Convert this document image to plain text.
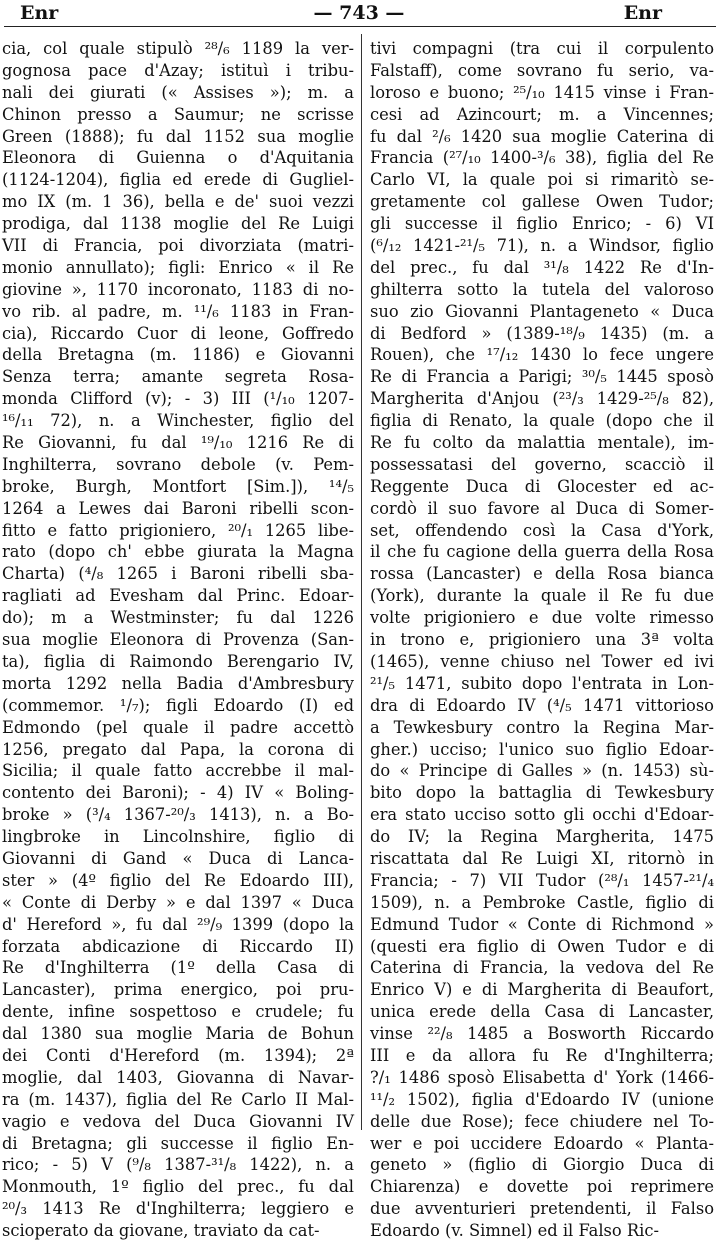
Enr	— 743 —	Enr
cia, col quale stipulò ²⁸/₆ 1189 la ver-
gognosa pace d'Azay; istituì i tribu-
nali dei giurati (« Assises »); m. a
Chinon presso a Saumur; ne scrisse
Green (1888); fu dal 1152 sua moglie
Eleonora di Guienna o d'Aquitania
(1124-1204), figlia ed erede di Gugliel-
mo IX (m. 1 36), bella e de' suoi vezzi
prodiga, dal 1138 moglie del Re Luigi
VII di Francia, poi divorziata (matri-
monio annullato); figli: Enrico « il Re
giovine », 1170 incoronato, 1183 di no-
vo rib. al padre, m. ¹¹/₆ 1183 in Fran-
cia), Riccardo Cuor di leone, Goffredo
della Bretagna (m. 1186) e Giovanni
Senza terra; amante segreta Rosa-
monda Clifford (v); - 3) III (¹/₁₀ 1207-
¹⁶/₁₁ 72), n. a Winchester, figlio del
Re Giovanni, fu dal ¹⁹/₁₀ 1216 Re di
Inghilterra, sovrano debole (v. Pem-
broke, Burgh, Montfort [Sim.]), ¹⁴/₅
1264 a Lewes dai Baroni ribelli scon-
fitto e fatto prigioniero, ²⁰/₁ 1265 libe-
rato (dopo ch' ebbe giurata la Magna
Charta) (⁴/₈ 1265 i Baroni ribelli sba-
ragliati ad Evesham dal Princ. Edoar-
do); m a Westminster; fu dal 1226
sua moglie Eleonora di Provenza (San-
ta), figlia di Raimondo Berengario IV,
morta 1292 nella Badia d'Ambresbury
(commemor. ¹/₇); figli Edoardo (I) ed
Edmondo (pel quale il padre accettò
1256, pregato dal Papa, la corona di
Sicilia; il quale fatto accrebbe il mal-
contento dei Baroni); - 4) IV « Boling-
broke » (³/₄ 1367-²⁰/₃ 1413), n. a Bo-
lingbroke in Lincolnshire, figlio di
Giovanni di Gand « Duca di Lanca-
ster » (4º figlio del Re Edoardo III),
« Conte di Derby » e dal 1397 « Duca
d' Hereford », fu dal ²⁹/₉ 1399 (dopo la
forzata abdicazione di Riccardo II)
Re d'Inghilterra (1º della Casa di
Lancaster), prima energico, poi pru-
dente, infine sospettoso e crudele; fu
dal 1380 sua moglie Maria de Bohun
dei Conti d'Hereford (m. 1394); 2ª
moglie, dal 1403, Giovanna di Navar-
ra (m. 1437), figlia del Re Carlo II Mal-
vagio e vedova del Duca Giovanni IV
di Bretagna; gli successe il figlio En-
rico; - 5) V (⁹/₈ 1387-³¹/₈ 1422), n. a
Monmouth, 1º figlio del prec., fu dal
²⁰/₃ 1413 Re d'Inghilterra; leggiero e
scioperato da giovane, traviato da cat-
tivi compagni (tra cui il corpulento
Falstaff), come sovrano fu serio, va-
loroso e buono; ²⁵/₁₀ 1415 vinse i Fran-
cesi ad Azincourt; m. a Vincennes;
fu dal ²/₆ 1420 sua moglie Caterina di
Francia (²⁷/₁₀ 1400-³/₆ 38), figlia del Re
Carlo VI, la quale poi si rimaritò se-
gretamente col gallese Owen Tudor;
gli successe il figlio Enrico; - 6) VI
(⁶/₁₂ 1421-²¹/₅ 71), n. a Windsor, figlio
del prec., fu dal ³¹/₈ 1422 Re d'In-
ghilterra sotto la tutela del valoroso
suo zio Giovanni Plantageneto « Duca
di Bedford » (1389-¹⁸/₉ 1435) (m. a
Rouen), che ¹⁷/₁₂ 1430 lo fece ungere
Re di Francia a Parigi; ³⁰/₅ 1445 sposò
Margherita d'Anjou (²³/₃ 1429-²⁵/₈ 82),
figlia di Renato, la quale (dopo che il
Re fu colto da malattia mentale), im-
possessatasi del governo, scacciò il
Reggente Duca di Glocester ed ac-
cordò il suo favore al Duca di Somer-
set, offendendo così la Casa d'York,
il che fu cagione della guerra della Rosa
rossa (Lancaster) e della Rosa bianca
(York), durante la quale il Re fu due
volte prigioniero e due volte rimesso
in trono e, prigioniero una 3ª volta
(1465), venne chiuso nel Tower ed ivi
²¹/₅ 1471, subito dopo l'entrata in Lon-
dra di Edoardo IV (⁴/₅ 1471 vittorioso
a Tewkesbury contro la Regina Mar-
gher.) ucciso; l'unico suo figlio Edoar-
do « Principe di Galles » (n. 1453) sù-
bito dopo la battaglia di Tewkesbury
era stato ucciso sotto gli occhi d'Edoar-
do IV; la Regina Margherita, 1475
riscattata dal Re Luigi XI, ritornò in
Francia; - 7) VII Tudor (²⁸/₁ 1457-²¹/₄
1509), n. a Pembroke Castle, figlio di
Edmund Tudor « Conte di Richmond »
(questi era figlio di Owen Tudor e di
Caterina di Francia, la vedova del Re
Enrico V) e di Margherita di Beaufort,
unica erede della Casa di Lancaster,
vinse ²²/₈ 1485 a Bosworth Riccardo
III e da allora fu Re d'Inghilterra;
?/₁ 1486 sposò Elisabetta d' York (1466-
¹¹/₂ 1502), figlia d'Edoardo IV (unione
delle due Rose); fece chiudere nel To-
wer e poi uccidere Edoardo « Planta-
geneto » (figlio di Giorgio Duca di
Chiarenza) e dovette poi reprimere
due avventurieri pretendenti, il Falso
Edoardo (v. Simnel) ed il Falso Ric-
